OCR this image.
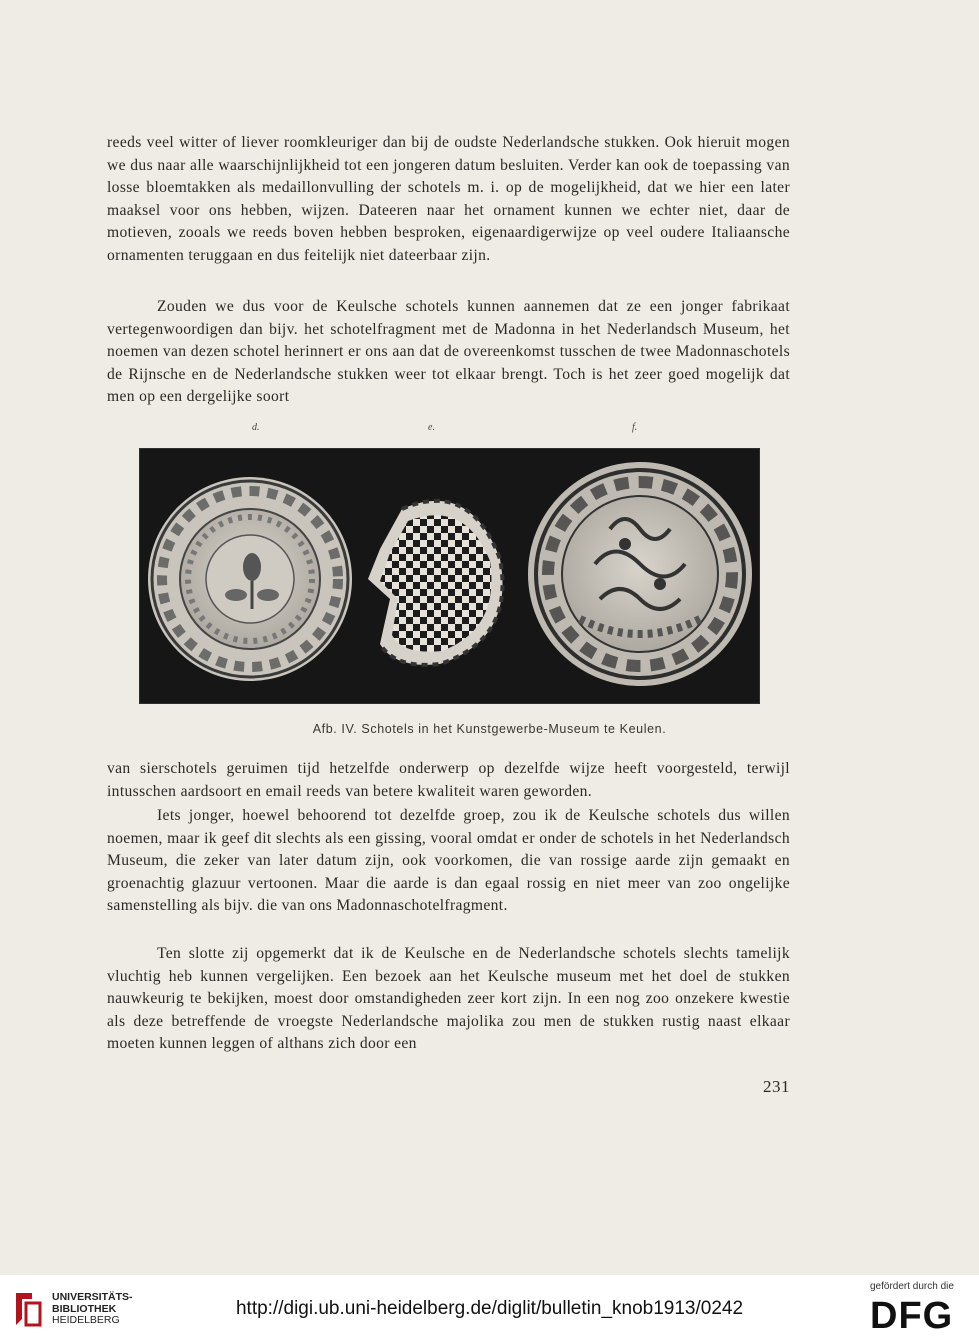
reeds veel witter of liever roomkleuriger dan bij de oudste Nederlandsche stukken. Ook hieruit mogen we dus naar alle waarschijnlijkheid tot een jongeren datum besluiten. Verder kan ook de toepassing van losse bloemtakken als medaillonvulling der schotels m. i. op de mogelijkheid, dat we hier een later maaksel voor ons hebben, wijzen. Dateeren naar het ornament kunnen we echter niet, daar de motieven, zooals we reeds boven hebben besproken, eigenaardigerwijze op veel oudere Italiaansche ornamenten teruggaan en dus feitelijk niet dateerbaar zijn.

Zouden we dus voor de Keulsche schotels kunnen aannemen dat ze een jonger fabrikaat vertegenwoordigen dan bijv. het schotelfragment met de Madonna in het Nederlandsch Museum, het noemen van dezen schotel herinnert er ons aan dat de overeenkomst tusschen de twee Madonnaschotels de Rijnsche en de Nederlandsche stukken weer tot elkaar brengt. Toch is het zeer goed mogelijk dat men op een dergelijke soort

d.	e.	f.
Afb. IV. Schotels in het Kunstgewerbe-Museum te Keulen.

van sierschotels geruimen tijd hetzelfde onderwerp op dezelfde wijze heeft voorgesteld, terwijl intusschen aardsoort en email reeds van betere kwaliteit waren geworden.

Iets jonger, hoewel behoorend tot dezelfde groep, zou ik de Keulsche schotels dus willen noemen, maar ik geef dit slechts als een gissing, vooral omdat er onder de schotels in het Nederlandsch Museum, die zeker van later datum zijn, ook voorkomen, die van rossige aarde zijn gemaakt en groenachtig glazuur vertoonen. Maar die aarde is dan egaal rossig en niet meer van zoo ongelijke samenstelling als bijv. die van ons Madonnaschotelfragment.

Ten slotte zij opgemerkt dat ik de Keulsche en de Nederlandsche schotels slechts tamelijk vluchtig heb kunnen vergelijken. Een bezoek aan het Keulsche museum met het doel de stukken nauwkeurig te bekijken, moest door omstandigheden zeer kort zijn. In een nog zoo onzekere kwestie als deze betreffende de vroegste Nederlandsche majolika zou men de stukken rustig naast elkaar moeten kunnen leggen of althans zich door een

231
UNIVERSITÄTS-
BIBLIOTHEK
HEIDELBERG
http://digi.ub.uni-heidelberg.de/diglit/bulletin_knob1913/0242
gefördert durch die
DFG
